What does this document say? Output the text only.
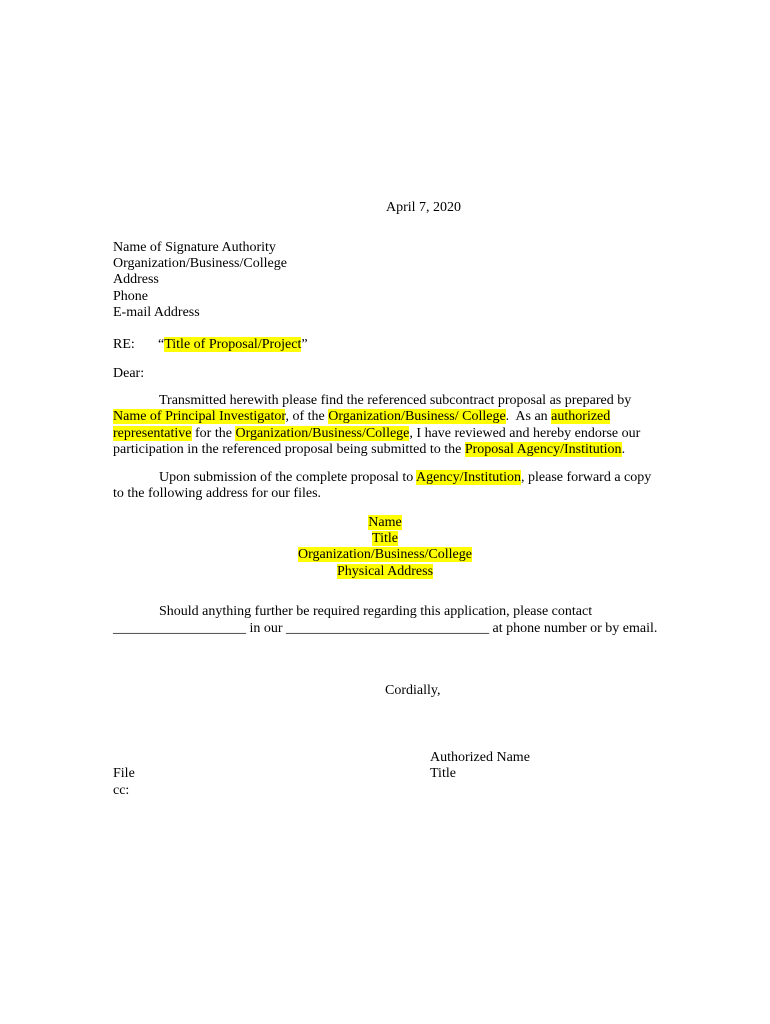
April 7, 2020
Name of Signature Authority
Organization/Business/College
Address
Phone
E-mail Address
RE: “Title of Proposal/Project”
Dear:
Transmitted herewith please find the referenced subcontract proposal as prepared by
Name of Principal Investigator, of the Organization/Business/ College.  As an authorized
representative for the Organization/Business/College, I have reviewed and hereby endorse our
participation in the referenced proposal being submitted to the Proposal Agency/Institution.
Upon submission of the complete proposal to Agency/Institution, please forward a copy
to the following address for our files.
Name
Title
Organization/Business/College
Physical Address
Should anything further be required regarding this application, please contact
___________________ in our _____________________________ at phone number or by email.
Cordially,
Authorized Name
Title
File
cc:
